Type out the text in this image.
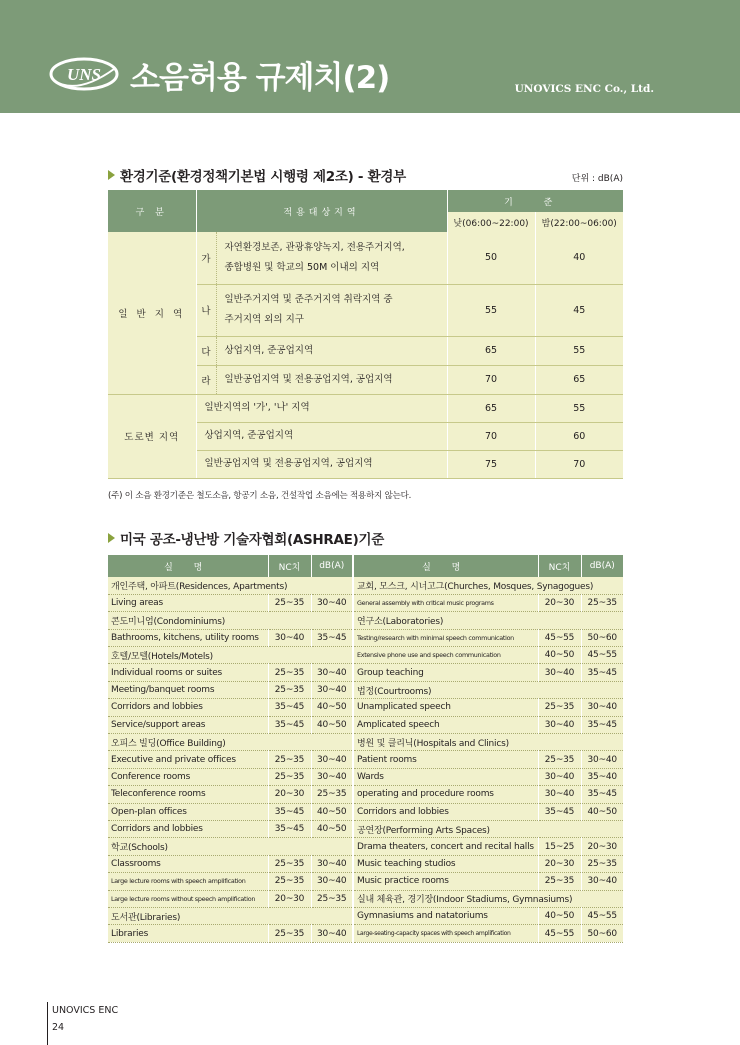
UNS 소음허용 규제치(2)	UNOVICS ENC Co., Ltd.
환경기준(환경정책기본법 시행령 제2조) - 환경부	단위 : dB(A)
구 분	적용대상지역		기 준	
			낮(06:00~22:00)	밤(22:00~06:00)
일 반 지 역	가	자연환경보존, 관광휴양녹지, 전용주거지역,
종합병원 및 학교의 50M 이내의 지역	50	40
	나	일반주거지역 및 준주거지역 취락지역 중
주거지역 외의 지구	55	45
	다	상업지역, 준공업지역	65	55
	라	일반공업지역 및 전용공업지역, 공업지역	70	65
도로변 지역	일반지역의 '가', '나' 지역		65	55
	상업지역, 준공업지역		70	60
	일반공업지역 및 전용공업지역, 공업지역		75	70
(주) 이 소음 환경기준은 철도소음, 항공기 소음, 건설작업 소음에는 적용하지 않는다.
미국 공조-냉난방 기술자협회(ASHRAE)기준
실 명	NC치	dB(A)	실 명	NC치	dB(A)
개인주택, 아파트(Residences, Apartments)			교회, 모스크, 시너고그(Churches, Mosques, Synagogues)		
Living areas	25~35	30~40	General assembly with critical music programs	20~30	25~35
콘도미니엄(Condominiums)			연구소(Laboratories)		
Bathrooms, kitchens, utility rooms	30~40	35~45	Testing/research with minimal speech communication	45~55	50~60
호텔/모텔(Hotels/Motels)			Extensive phone use and speech communication	40~50	45~55
Individual rooms or suites	25~35	30~40	Group teaching	30~40	35~45
Meeting/banquet rooms	25~35	30~40	법정(Courtrooms)		
Corridors and lobbies	35~45	40~50	Unamplicated speech	25~35	30~40
Service/support areas	35~45	40~50	Amplicated speech	30~40	35~45
오피스 빌딩(Office Building)			병원 및 클리닉(Hospitals and Clinics)		
Executive and private offices	25~35	30~40	Patient rooms	25~35	30~40
Conference rooms	25~35	30~40	Wards	30~40	35~40
Teleconference rooms	20~30	25~35	operating and procedure rooms	30~40	35~45
Open-plan offices	35~45	40~50	Corridors and lobbies	35~45	40~50
Corridors and lobbies	35~45	40~50	공연장(Performing Arts Spaces)		
학교(Schools)			Drama theaters, concert and recital halls	15~25	20~30
Classrooms	25~35	30~40	Music teaching studios	20~30	25~35
Large lecture rooms with speech amplification	25~35	30~40	Music practice rooms	25~35	30~40
Large lecture rooms without speech amplification	20~30	25~35	실내 체육관, 경기장(Indoor Stadiums, Gymnasiums)		
도서관(Libraries)			Gymnasiums and natatoriums	40~50	45~55
Libraries	25~35	30~40	Large-seating-capacity spaces with speech amplification	45~55	50~60
UNOVICS ENC
24
